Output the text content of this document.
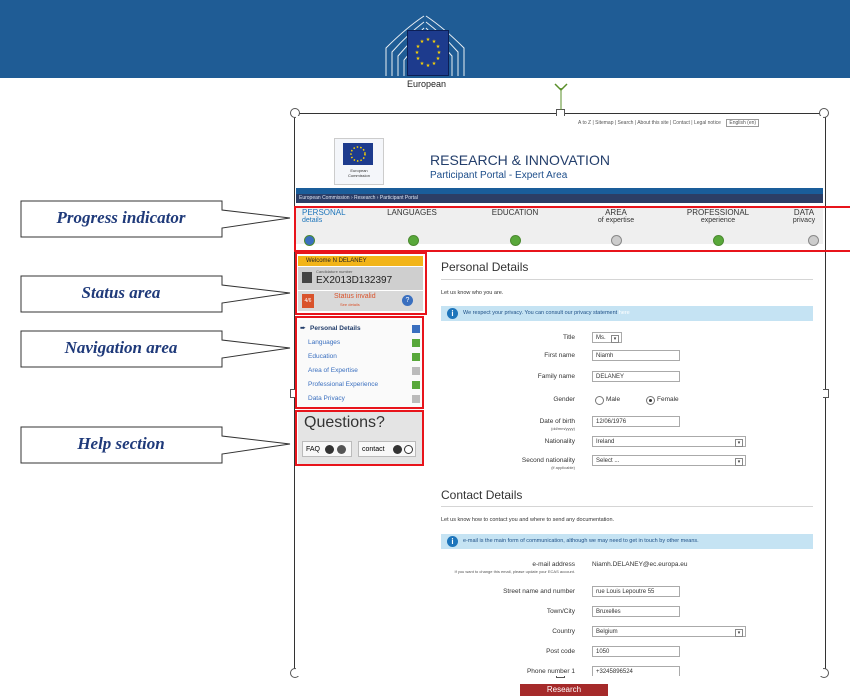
★ ★
★
★
★
★
★
★
★
★
★
★
European
A to Z | Sitemap | Search | About this site | Contact | Legal notice English (en)
European Commission
RESEARCH & INNOVATION
Participant Portal - Expert Area
European Commission › Research › Participant Portal
PERSONAL
details
LANGUAGES	EDUCATION	AREA
of expertise
PROFESSIONAL
experience
DATA
privacy
Welcome N DELANEY
Candidature number
EX2013D132397
4/6
Status invalid
See details
?
➨ Personal Details
Languages
Education
Area of Expertise
Professional Experience
Data Privacy
Questions?
FAQ	contact
Personal Details
Let us know who you are.
i	We respect your privacy. You can consult our privacy statement here
Title	Ms.	▾
First name	Niamh
Family name	DELANEY
Gender	Male	Female
Date of birth
(dd/mm/yyyy)
12/06/1976
Nationality	Ireland	▾
Second nationality
(if applicable)
Select ...	▾
Contact Details
Let us know how to contact you and where to send any documentation.
i	e-mail is the main form of communication, although we may need to get in touch by other means.
e-mail address
If you want to change this email, please update your ECAS account.
Niamh.DELANEY@ec.europa.eu
Street name and number	rue Louis Lepoutre 55
Town/City	Bruxelles
Country	Belgium	▾
Post code	1050
Phone number 1	+3245896524
Progress indicator
Status area
Navigation area
Help section
Research
